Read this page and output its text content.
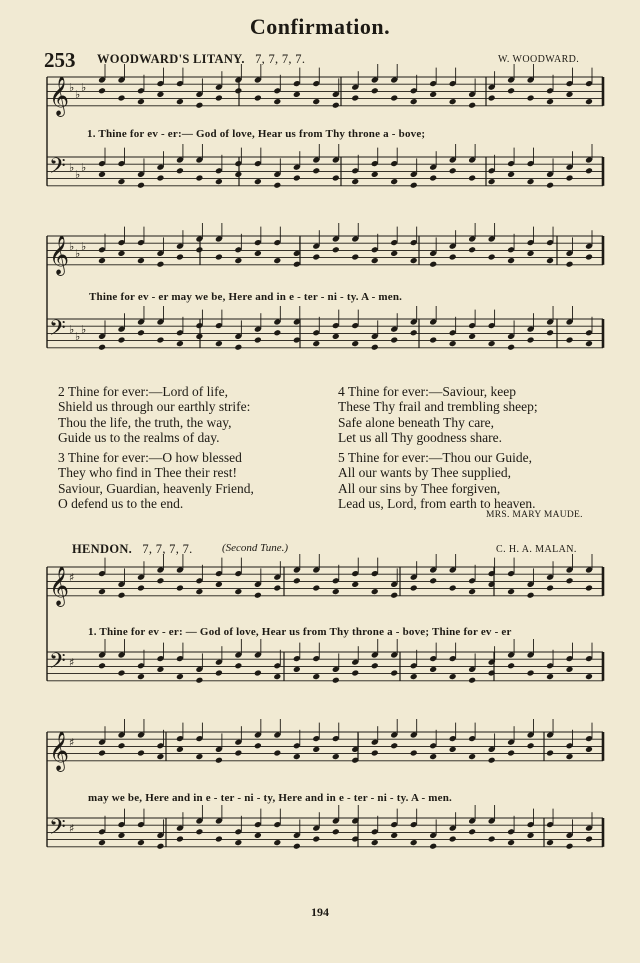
Confirmation.
253 WOODWARD'S LITANY. 7, 7, 7, 7.	W. WOODWARD.
𝄞 ♭
♭
♭
𝄢 ♭
♭
♭
𝄞 ♭
♭
♭
𝄢 ♭
♭
♭
𝄞 ♯
𝄢 ♯
𝄞 ♯
𝄢 ♯
1. Thine for ev - er:— God of love, Hear us from Thy throne a - bove;
Thine for ev - er may we be, Here and in e - ter - ni - ty. A - men.
2 Thine for ever:—Lord of life,
Shield us through our earthly strife:
Thou the life, the truth, the way,
Guide us to the realms of day.
3 Thine for ever:—O how blessed
They who find in Thee their rest!
Saviour, Guardian, heavenly Friend,
O defend us to the end.
4 Thine for ever:—Saviour, keep
These Thy frail and trembling sheep;
Safe alone beneath Thy care,
Let us all Thy goodness share.
5 Thine for ever:—Thou our Guide,
All our wants by Thee supplied,
All our sins by Thee forgiven,
Lead us, Lord, from earth to heaven.
MRS. MARY MAUDE.
HENDON. 7, 7, 7, 7.	(Second Tune.)	C. H. A. MALAN.
1. Thine for ev - er: — God of love, Hear us from Thy throne a - bove; Thine for ev - er
may we be, Here and in e - ter - ni - ty, Here and in e - ter - ni - ty. A - men.
194
